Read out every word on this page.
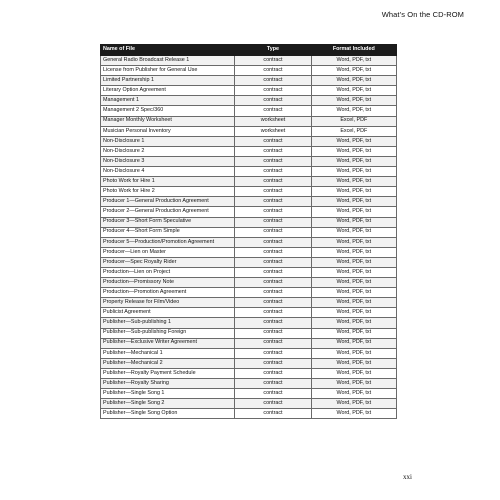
What’s On the CD-ROM
Name of File	Type	Format Included
General Radio Broadcast Release 1	contract	Word, PDF, txt
License from Publisher for General Use	contract	Word, PDF, txt
Limited Partnership 1	contract	Word, PDF, txt
Literary Option Agreement	contract	Word, PDF, txt
Management 1	contract	Word, PDF, txt
Management 2 Spec/360	contract	Word, PDF, txt
Manager Monthly Worksheet	worksheet	Excel, PDF
Musician Personal Inventory	worksheet	Excel, PDF
Non-Disclosure 1	contract	Word, PDF, txt
Non-Disclosure 2	contract	Word, PDF, txt
Non-Disclosure 3	contract	Word, PDF, txt
Non-Disclosure 4	contract	Word, PDF, txt
Photo Work for Hire 1	contract	Word, PDF, txt
Photo Work for Hire 2	contract	Word, PDF, txt
Producer 1—General Production Agreement	contract	Word, PDF, txt
Producer 2—General Production Agreement	contract	Word, PDF, txt
Producer 3—Short Form Speculative	contract	Word, PDF, txt
Producer 4—Short Form Simple	contract	Word, PDF, txt
Producer 5—Production/Promotion Agreement	contract	Word, PDF, txt
Producer—Lien on Master	contract	Word, PDF, txt
Producer—Spec Royalty Rider	contract	Word, PDF, txt
Production—Lien on Project	contract	Word, PDF, txt
Production—Promissory Note	contract	Word, PDF, txt
Production—Promotion Agreement	contract	Word, PDF, txt
Property Release for Film/Video	contract	Word, PDF, txt
Publicist Agreement	contract	Word, PDF, txt
Publisher—Sub-publishing 1	contract	Word, PDF, txt
Publisher—Sub-publishing Foreign	contract	Word, PDF, txt
Publisher—Exclusive Writer Agreement	contract	Word, PDF, txt
Publisher—Mechanical 1	contract	Word, PDF, txt
Publisher—Mechanical 2	contract	Word, PDF, txt
Publisher—Royalty Payment Schedule	contract	Word, PDF, txt
Publisher—Royalty Sharing	contract	Word, PDF, txt
Publisher—Single Song 1	contract	Word, PDF, txt
Publisher—Single Song 2	contract	Word, PDF, txt
Publisher—Single Song Option	contract	Word, PDF, txt
xxi
